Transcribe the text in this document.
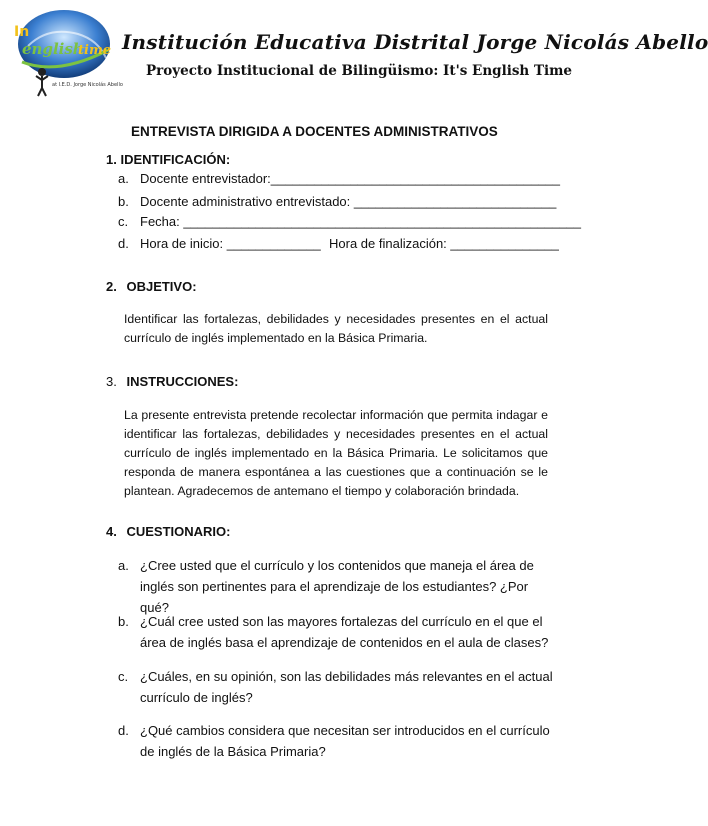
In
english
time
at I.E.D. Jorge Nicolás Abello
Institución Educativa Distrital Jorge Nicolás Abello
Proyecto Institucional de Bilingüismo: It's English Time
ENTREVISTA DIRIGIDA A DOCENTES ADMINISTRATIVOS
1. IDENTIFICACIÓN:
a. Docente entrevistador:________________________________________
b. Docente administrativo entrevistado: ____________________________
c. Fecha: _______________________________________________________
d. Hora de inicio: _____________ Hora de finalización: _______________
2. OBJETIVO:
Identificar las fortalezas, debilidades y necesidades presentes en el actual currículo de inglés implementado en la Básica Primaria.
3. INSTRUCCIONES:
La presente entrevista pretende recolectar información que permita indagar e identificar las fortalezas, debilidades y necesidades presentes en el actual currículo de inglés implementado en la Básica Primaria. Le solicitamos que responda de manera espontánea a las cuestiones que a continuación se le plantean. Agradecemos de antemano el tiempo y colaboración brindada.
4. CUESTIONARIO:
a. ¿Cree usted que el currículo y los contenidos que maneja el área de inglés son pertinentes para el aprendizaje de los estudiantes? ¿Por qué?
b. ¿Cuál cree usted son las mayores fortalezas del currículo en el que el área de inglés basa el aprendizaje de contenidos en el aula de clases?
c. ¿Cuáles, en su opinión, son las debilidades más relevantes en el actual currículo de inglés?
d. ¿Qué cambios considera que necesitan ser introducidos en el currículo de inglés de la Básica Primaria?
